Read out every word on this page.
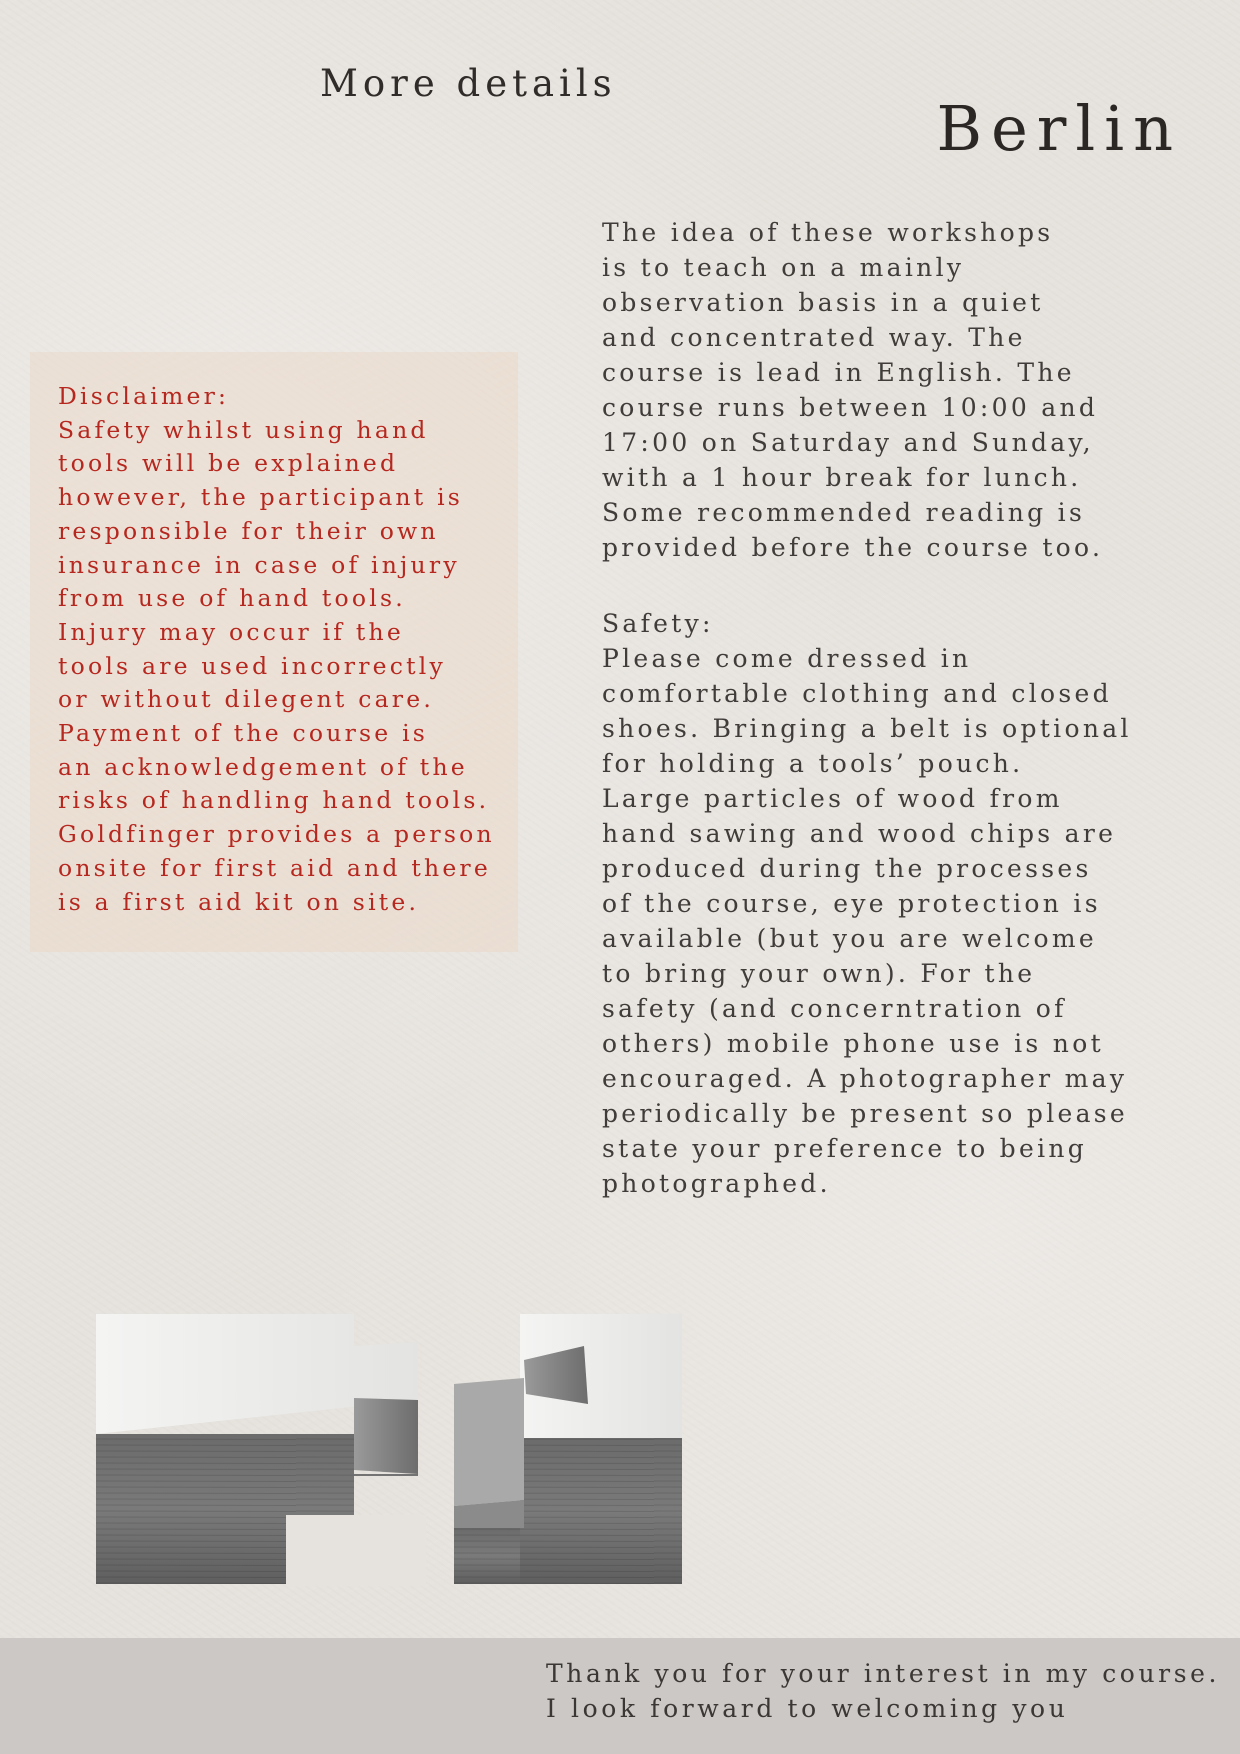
More details
Berlin
Disclaimer:
Safety whilst using hand
tools will be explained
however, the participant is
responsible for their own
insurance in case of injury
from use of hand tools.
Injury may occur if the
tools are used incorrectly
or without dilegent care.
Payment of the course is
an acknowledgement of the
risks of handling hand tools.
Goldfinger provides a person
onsite for first aid and there
is a first aid kit on site.
The idea of these workshops
is to teach on a mainly
observation basis in a quiet
and concentrated way. The
course is lead in English. The
course runs between 10:00 and
17:00 on Saturday and Sunday,
with a 1 hour break for lunch.
Some recommended reading is
provided before the course too.
Safety:
Please come dressed in
comfortable clothing and closed
shoes. Bringing a belt is optional
for holding a tools’ pouch.
Large particles of wood from
hand sawing and wood chips are
produced during the processes
of the course, eye protection is
available (but you are welcome
to bring your own). For the
safety (and concerntration of
others) mobile phone use is not
encouraged. A photographer may
periodically be present so please
state your preference to being
photographed.
Thank you for your interest in my course.
I look forward to welcoming you
